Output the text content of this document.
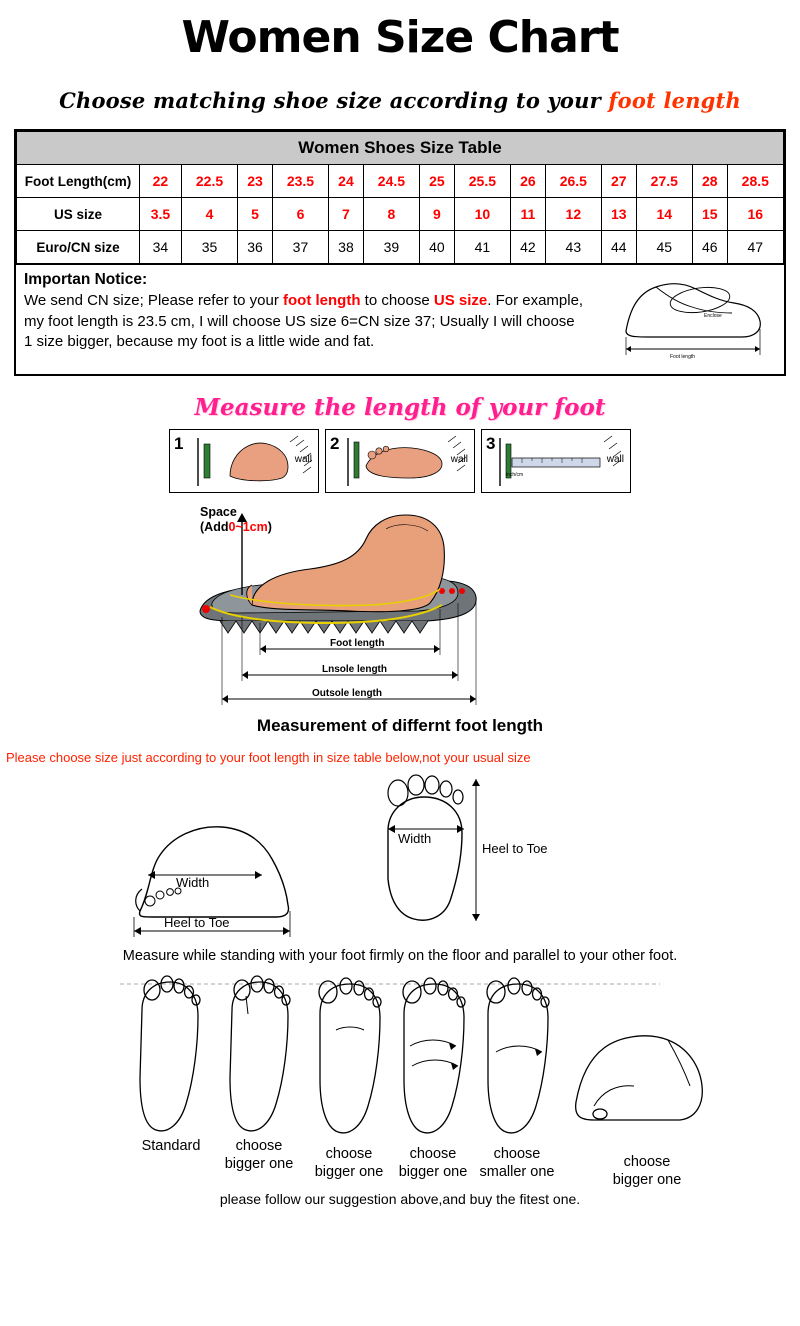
Women Size Chart
Choose matching shoe size according to your foot length
Women Shoes Size Table														
Foot Length(cm)	22	22.5	23	23.5	24	24.5	25	25.5	26	26.5	27	27.5	28	28.5
US size	3.5	4	5	6	7	8	9	10	11	12	13	14	15	16
Euro/CN size	34	35	36	37	38	39	40	41	42	43	44	45	46	47
Importan Notice:
We send CN size; Please refer to your foot length to choose US size. For example,
my foot length is 23.5 cm, I will choose US size 6=CN size 37; Usually I will choose
1 size bigger, because my foot is a little wide and fat.
Enclose
Foot length
Measure the length of your foot
1
wall
2
wall
3
inch/cm
wall
Space
(Add0~1cm)
Foot length
Lnsole length
Outsole length
Measurement of differnt foot length
Please choose size just according to your foot length in size table below,not your usual size
Width
Heel to Toe
Width
Heel to Toe
Measure while standing with your foot firmly on the floor and parallel to your other foot.
Standard	choose
bigger one
choose
bigger one
choose
bigger one
choose
smaller one
choose
bigger one
please follow our suggestion above,and buy the fitest one.
